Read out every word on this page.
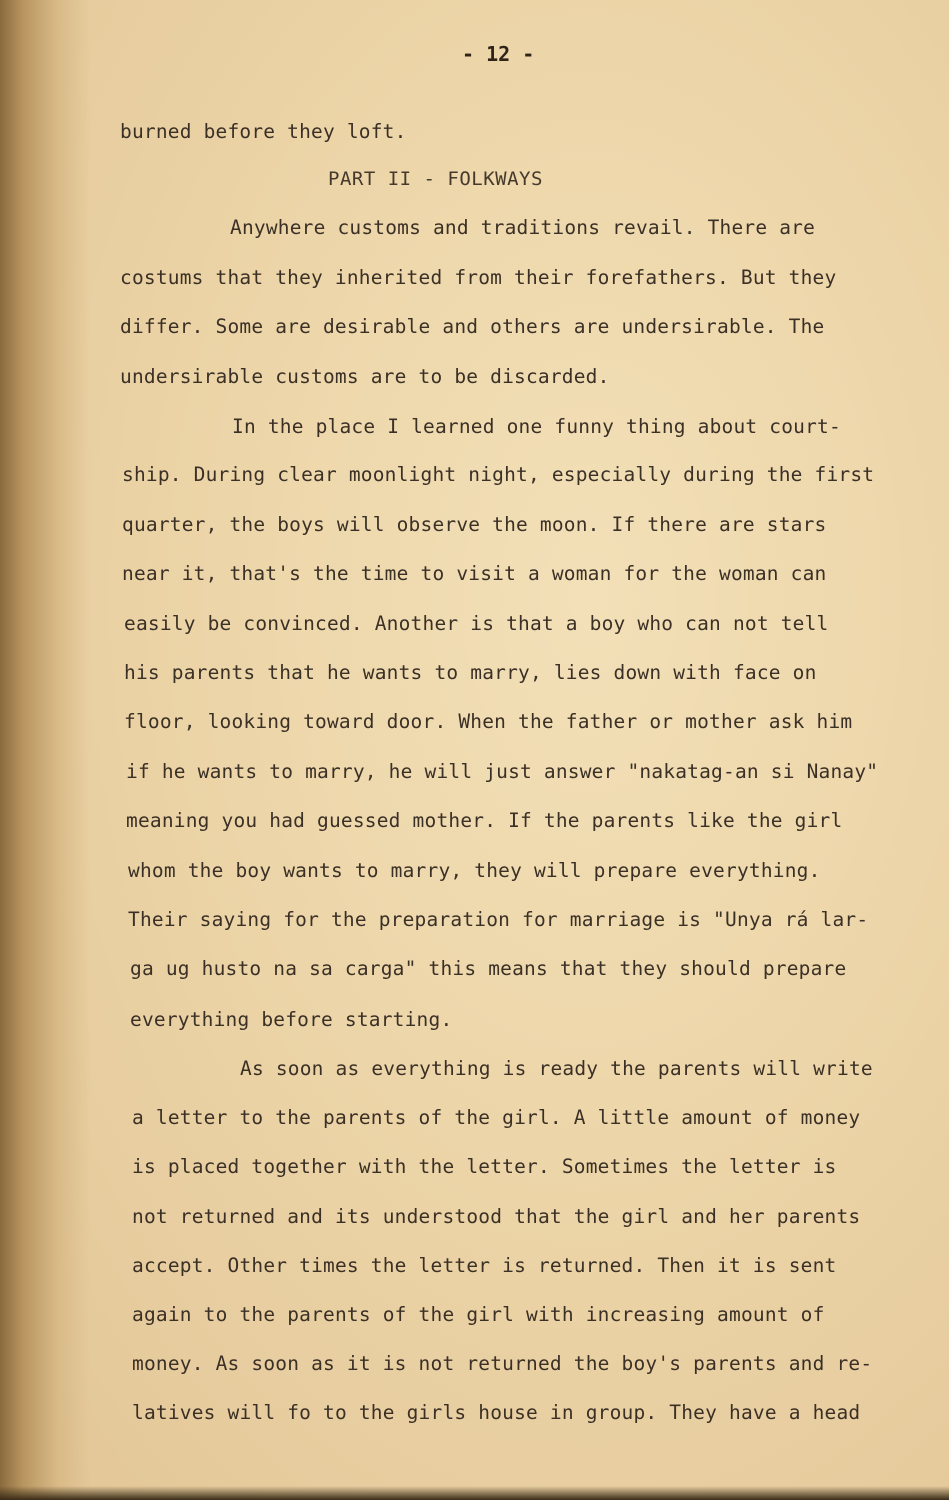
- 12 -
PART II - FOLKWAYS
burned before they loft.
Anywhere customs and traditions revail. There are
costums that they inherited from their forefathers. But they
differ. Some are desirable and others are undersirable. The
undersirable customs are to be discarded.
In the place I learned one funny thing about court-
ship. During clear moonlight night, especially during the first
quarter, the boys will observe the moon. If there are stars
near it, that's the time to visit a woman for the woman can
easily be convinced. Another is that a boy who can not tell
his parents that he wants to marry, lies down with face on
floor, looking toward door. When the father or mother ask him
if he wants to marry, he will just answer "nakatag-an si Nanay"
meaning you had guessed mother. If the parents like the girl
whom the boy wants to marry, they will prepare everything.
Their saying for the preparation for marriage is "Unya rá lar-
ga ug husto na sa carga" this means that they should prepare
everything before starting.
As soon as everything is ready the parents will write
a letter to the parents of the girl. A little amount of money
is placed together with the letter. Sometimes the letter is
not returned and its understood that the girl and her parents
accept. Other times the letter is returned. Then it is sent
again to the parents of the girl with increasing amount of
money. As soon as it is not returned the boy's parents and re-
latives will fo to the girls house in group. They have a head
